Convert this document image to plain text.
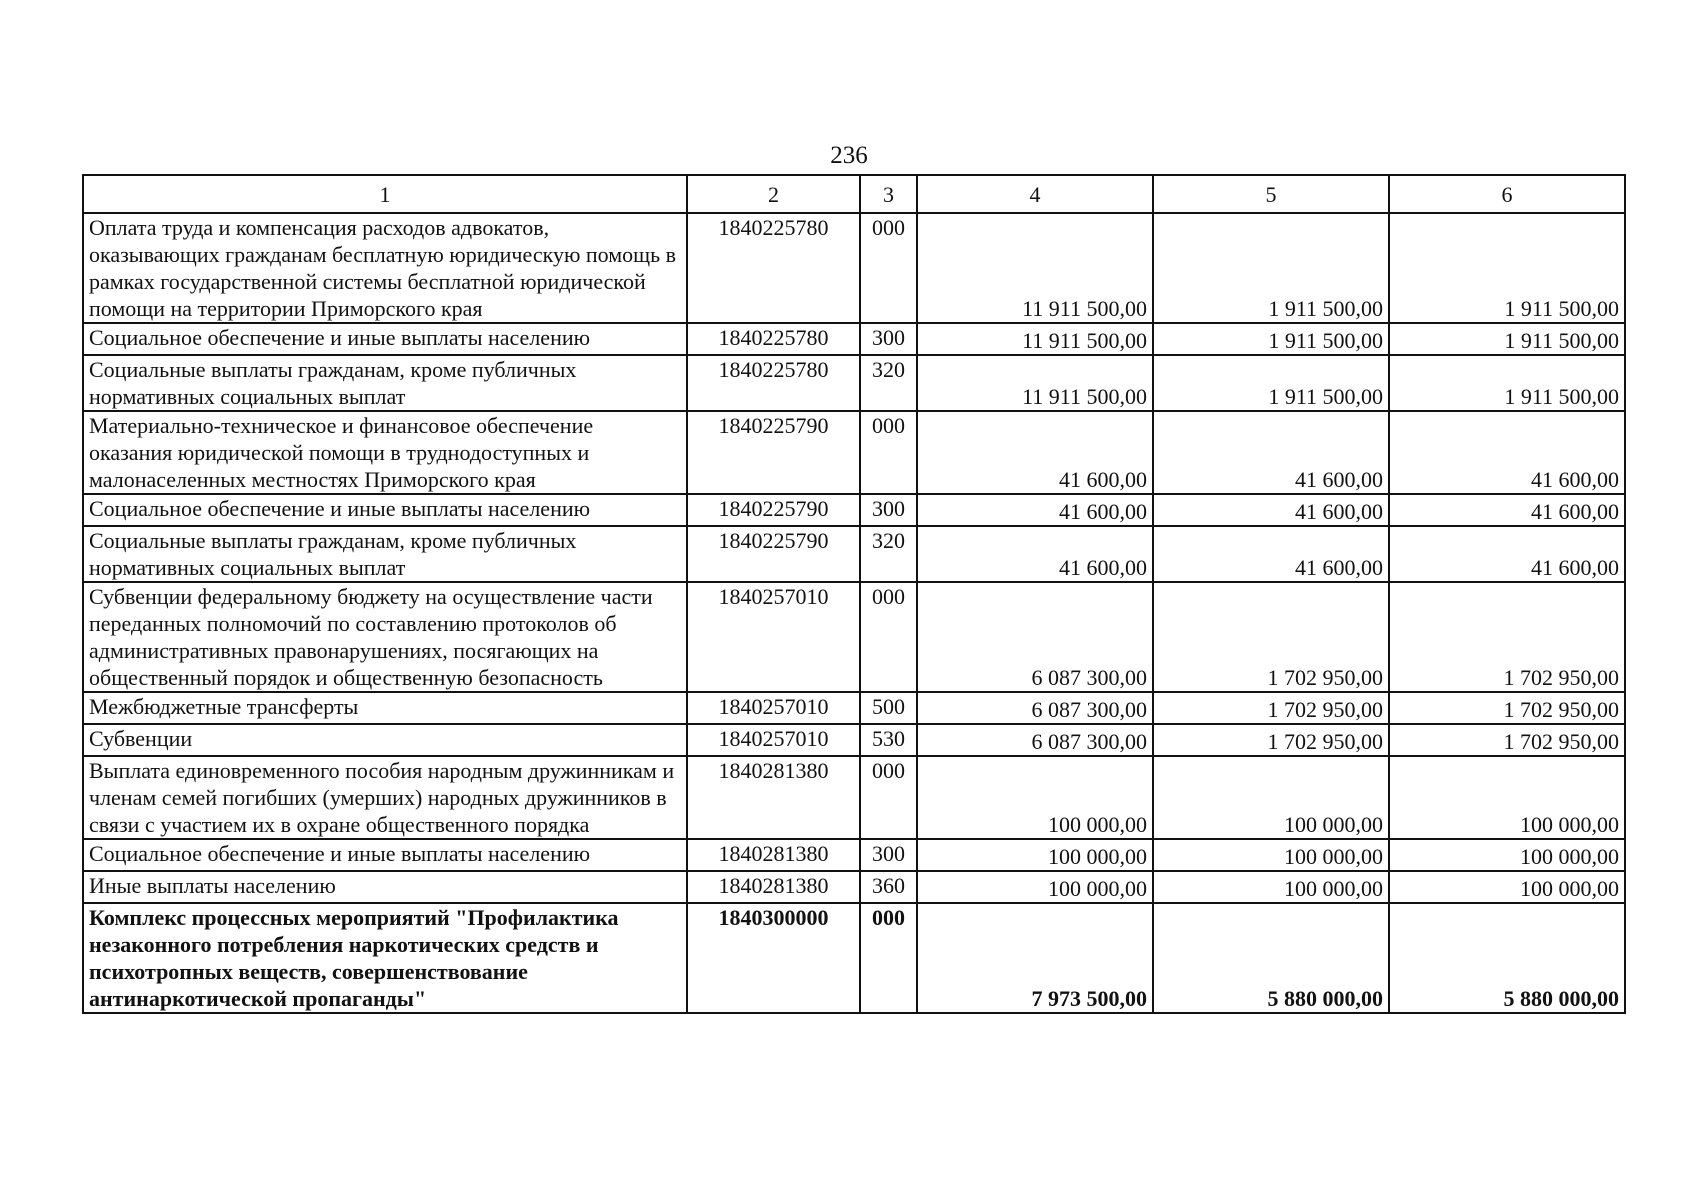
236
1	2	3	4	5	6
Оплата труда и компенсация расходов адвокатов, оказывающих гражданам бесплатную юридическую помощь в рамках государственной системы бесплатной юридической помощи на территории Приморского края	1840225780	000	11 911 500,00	1 911 500,00	1 911 500,00
Социальное обеспечение и иные выплаты населению	1840225780	300	11 911 500,00	1 911 500,00	1 911 500,00
Социальные выплаты гражданам, кроме публичных нормативных социальных выплат	1840225780	320	11 911 500,00	1 911 500,00	1 911 500,00
Материально-техническое и финансовое обеспечение оказания юридической помощи в труднодоступных и малонаселенных местностях Приморского края	1840225790	000	41 600,00	41 600,00	41 600,00
Социальное обеспечение и иные выплаты населению	1840225790	300	41 600,00	41 600,00	41 600,00
Социальные выплаты гражданам, кроме публичных нормативных социальных выплат	1840225790	320	41 600,00	41 600,00	41 600,00
Субвенции федеральному бюджету на осуществление части переданных полномочий по составлению протоколов об административных правонарушениях, посягающих на общественный порядок и общественную безопасность	1840257010	000	6 087 300,00	1 702 950,00	1 702 950,00
Межбюджетные трансферты	1840257010	500	6 087 300,00	1 702 950,00	1 702 950,00
Субвенции	1840257010	530	6 087 300,00	1 702 950,00	1 702 950,00
Выплата единовременного пособия народным дружинникам и членам семей погибших (умерших) народных дружинников в связи с участием их в охране общественного порядка	1840281380	000	100 000,00	100 000,00	100 000,00
Социальное обеспечение и иные выплаты населению	1840281380	300	100 000,00	100 000,00	100 000,00
Иные выплаты населению	1840281380	360	100 000,00	100 000,00	100 000,00
Комплекс процессных мероприятий "Профилактика незаконного потребления наркотических средств и психотропных веществ, совершенствование антинаркотической пропаганды"	1840300000	000	7 973 500,00	5 880 000,00	5 880 000,00
